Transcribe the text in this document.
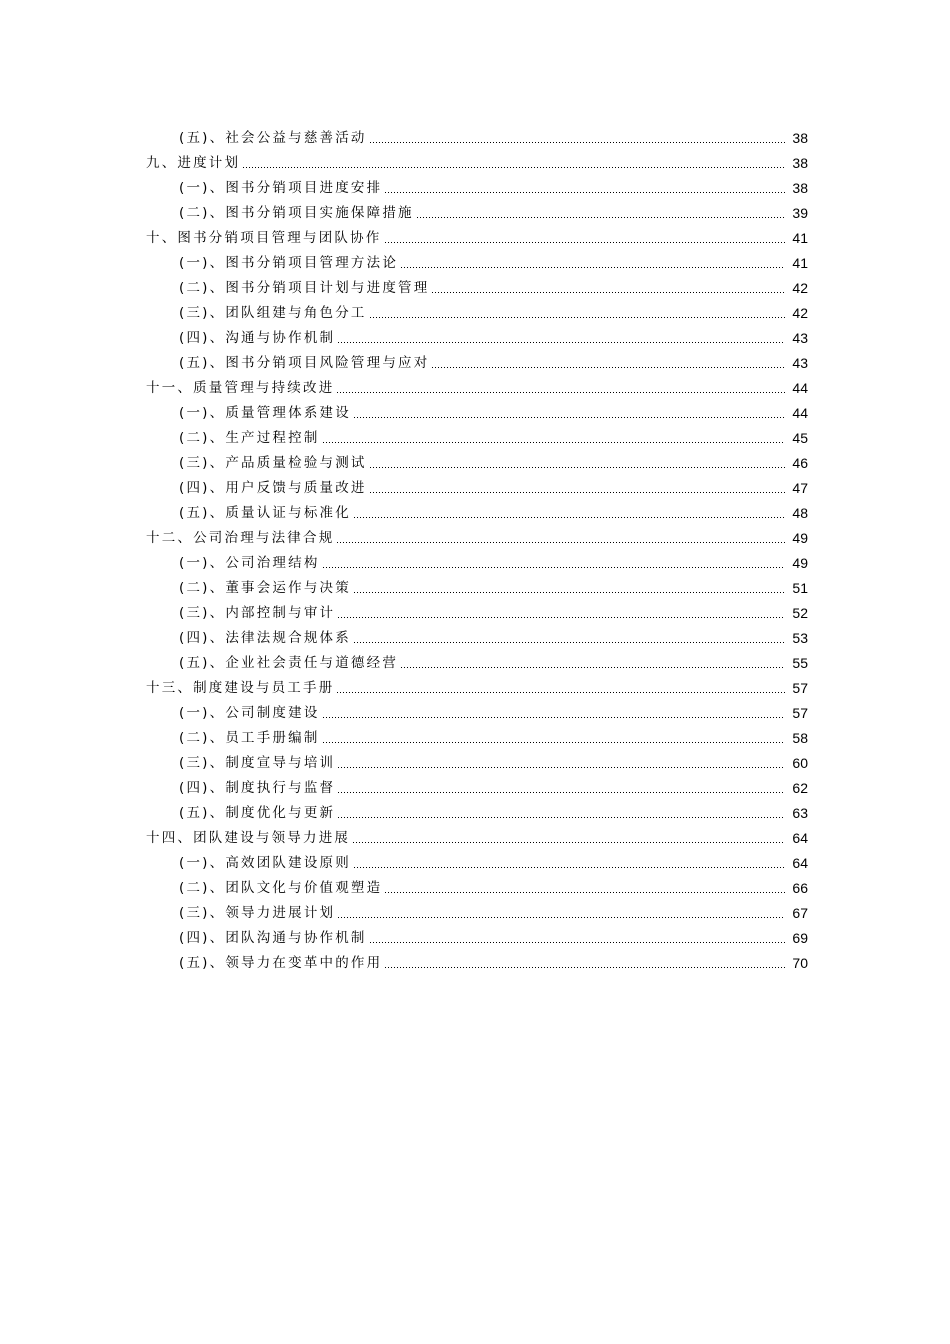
(五)、社会公益与慈善活动	38
九、进度计划	38
(一)、图书分销项目进度安排	38
(二)、图书分销项目实施保障措施	39
十、图书分销项目管理与团队协作	41
(一)、图书分销项目管理方法论	41
(二)、图书分销项目计划与进度管理	42
(三)、团队组建与角色分工	42
(四)、沟通与协作机制	43
(五)、图书分销项目风险管理与应对	43
十一、质量管理与持续改进	44
(一)、质量管理体系建设	44
(二)、生产过程控制	45
(三)、产品质量检验与测试	46
(四)、用户反馈与质量改进	47
(五)、质量认证与标准化	48
十二、公司治理与法律合规	49
(一)、公司治理结构	49
(二)、董事会运作与决策	51
(三)、内部控制与审计	52
(四)、法律法规合规体系	53
(五)、企业社会责任与道德经营	55
十三、制度建设与员工手册	57
(一)、公司制度建设	57
(二)、员工手册编制	58
(三)、制度宣导与培训	60
(四)、制度执行与监督	62
(五)、制度优化与更新	63
十四、团队建设与领导力进展	64
(一)、高效团队建设原则	64
(二)、团队文化与价值观塑造	66
(三)、领导力进展计划	67
(四)、团队沟通与协作机制	69
(五)、领导力在变革中的作用	70
